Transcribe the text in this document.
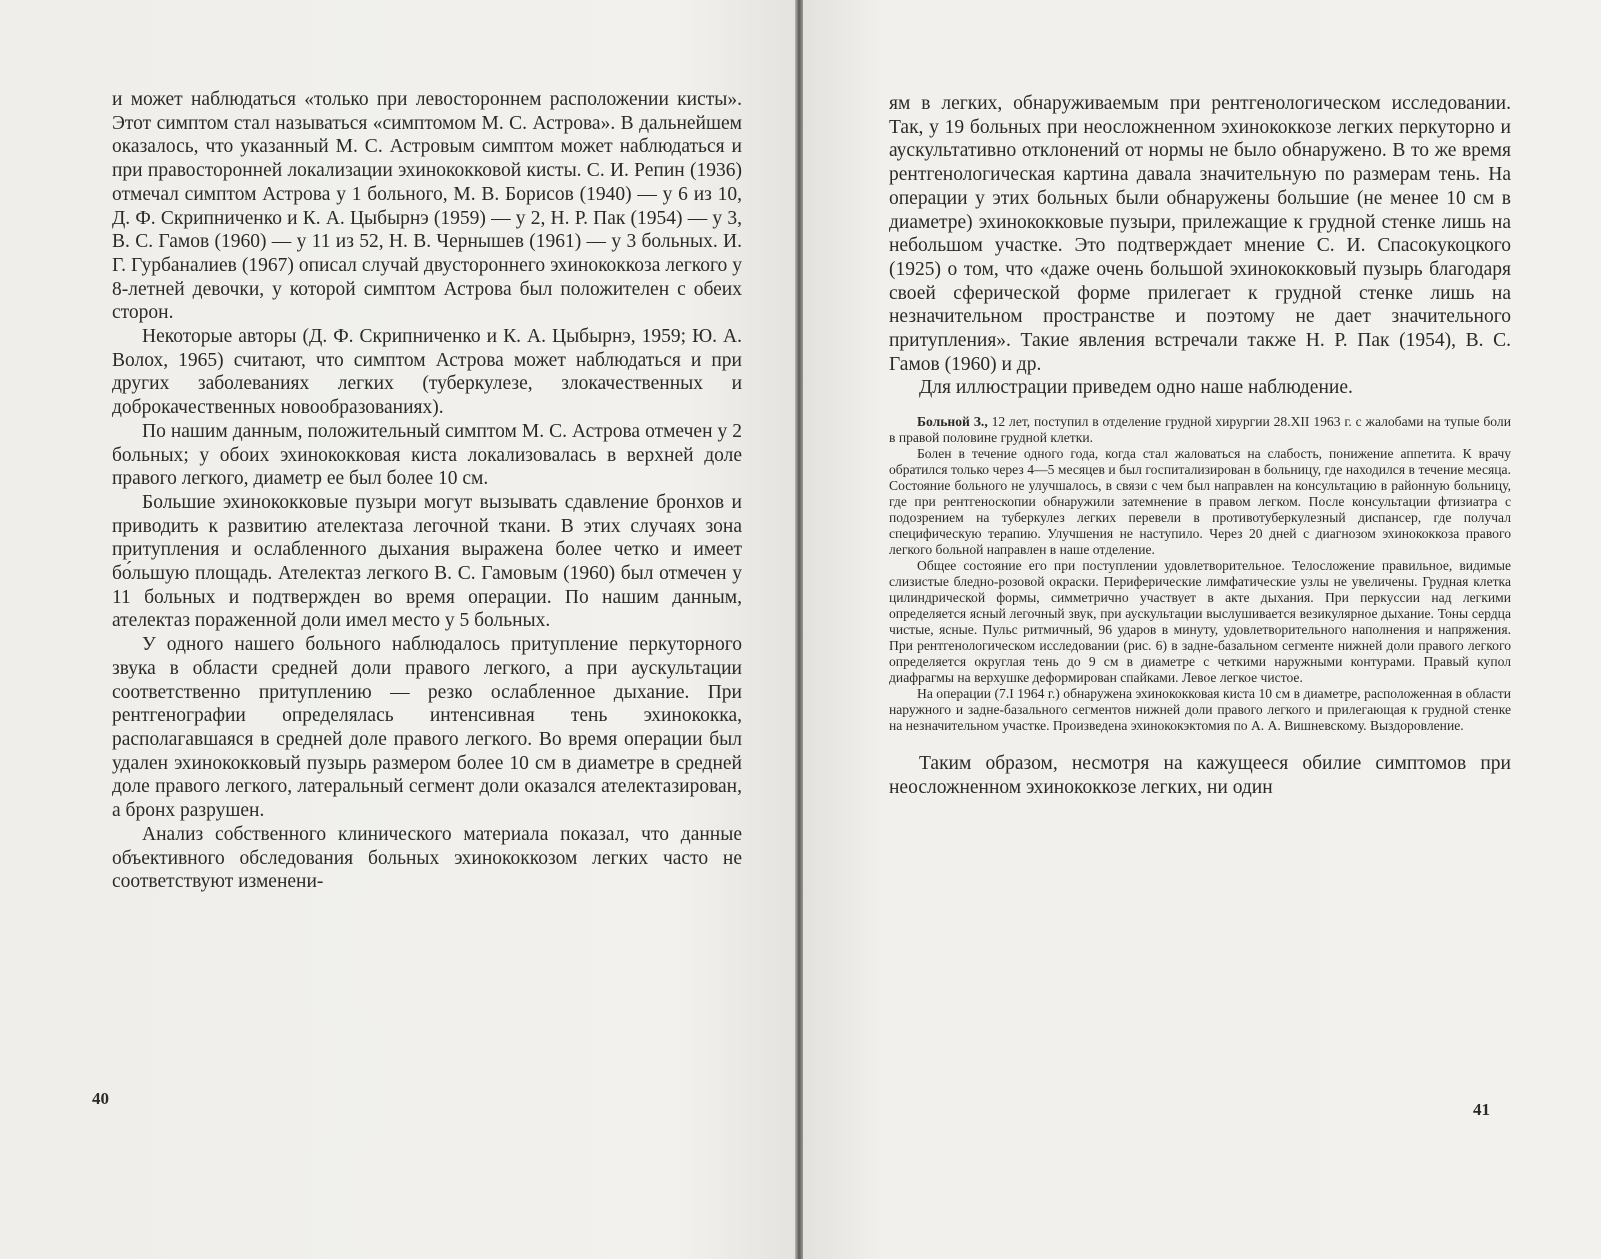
и может наблюдаться «только при левостороннем расположении кисты». Этот симптом стал называться «симптомом М. С. Астрова». В дальнейшем оказалось, что указанный М. С. Астровым симптом может наблюдаться и при правосторонней локализации эхинококковой кисты. С. И. Репин (1936) отмечал симптом Астрова у 1 больного, М. В. Борисов (1940) — у 6 из 10, Д. Ф. Скрипниченко и К. А. Цыбырнэ (1959) — у 2, Н. Р. Пак (1954) — у 3, В. С. Гамов (1960) — у 11 из 52, Н. В. Чернышев (1961) — у 3 больных. И. Г. Гурбаналиев (1967) описал случай двустороннего эхинококкоза легкого у 8-летней девочки, у которой симптом Астрова был положителен с обеих сторон.

Некоторые авторы (Д. Ф. Скрипниченко и К. А. Цыбырнэ, 1959; Ю. А. Волох, 1965) считают, что симптом Астрова может наблюдаться и при других заболеваниях легких (туберкулезе, злокачественных и доброкачественных новообразованиях).

По нашим данным, положительный симптом М. С. Астрова отмечен у 2 больных; у обоих эхинококковая киста локализовалась в верхней доле правого легкого, диаметр ее был более 10 см.

Большие эхинококковые пузыри могут вызывать сдавление бронхов и приводить к развитию ателектаза легочной ткани. В этих случаях зона притупления и ослабленного дыхания выражена более четко и имеет бо́льшую площадь. Ателектаз легкого В. С. Гамовым (1960) был отмечен у 11 больных и подтвержден во время операции. По нашим данным, ателектаз пораженной доли имел место у 5 больных.

У одного нашего больного наблюдалось притупление перкуторного звука в области средней доли правого легкого, а при аускультации соответственно притуплению — резко ослабленное дыхание. При рентгенографии определялась интенсивная тень эхинококка, располагавшаяся в средней доле правого легкого. Во время операции был удален эхинококковый пузырь размером более 10 см в диаметре в средней доле правого легкого, латеральный сегмент доли оказался ателектазирован, а бронх разрушен.

Анализ собственного клинического материала показал, что данные объективного обследования больных эхинококкозом легких часто не соответствуют изменени-

40

ям в легких, обнаруживаемым при рентгенологическом исследовании. Так, у 19 больных при неосложненном эхинококкозе легких перкуторно и аускультативно отклонений от нормы не было обнаружено. В то же время рентгенологическая картина давала значительную по размерам тень. На операции у этих больных были обнаружены большие (не менее 10 см в диаметре) эхинококковые пузыри, прилежащие к грудной стенке лишь на небольшом участке. Это подтверждает мнение С. И. Спасокукоцкого (1925) о том, что «даже очень большой эхинококковый пузырь благодаря своей сферической форме прилегает к грудной стенке лишь на незначительном пространстве и поэтому не дает значительного притупления». Такие явления встречали также Н. Р. Пак (1954), В. С. Гамов (1960) и др.

Для иллюстрации приведем одно наше наблюдение.

Больной З., 12 лет, поступил в отделение грудной хирургии 28.XII 1963 г. с жалобами на тупые боли в правой половине грудной клетки.

Болен в течение одного года, когда стал жаловаться на слабость, понижение аппетита. К врачу обратился только через 4—5 месяцев и был госпитализирован в больницу, где находился в течение месяца. Состояние больного не улучшалось, в связи с чем был направлен на консультацию в районную больницу, где при рентгеноскопии обнаружили затемнение в правом легком. После консультации фтизиатра с подозрением на туберкулез легких перевели в противотуберкулезный диспансер, где получал специфическую терапию. Улучшения не наступило. Через 20 дней с диагнозом эхинококкоза правого легкого больной направлен в наше отделение.

Общее состояние его при поступлении удовлетворительное. Телосложение правильное, видимые слизистые бледно-розовой окраски. Периферические лимфатические узлы не увеличены. Грудная клетка цилиндрической формы, симметрично участвует в акте дыхания. При перкуссии над легкими определяется ясный легочный звук, при аускультации выслушивается везикулярное дыхание. Тоны сердца чистые, ясные. Пульс ритмичный, 96 ударов в минуту, удовлетворительного наполнения и напряжения. При рентгенологическом исследовании (рис. 6) в задне-базальном сегменте нижней доли правого легкого определяется округлая тень до 9 см в диаметре с четкими наружными контурами. Правый купол диафрагмы на верхушке деформирован спайками. Левое легкое чистое.

На операции (7.I 1964 г.) обнаружена эхинококковая киста 10 см в диаметре, расположенная в области наружного и задне-базального сегментов нижней доли правого легкого и прилегающая к грудной стенке на незначительном участке. Произведена эхинококэктомия по А. А. Вишневскому. Выздоровление.

Таким образом, несмотря на кажущееся обилие симптомов при неосложненном эхинококкозе легких, ни один

41
